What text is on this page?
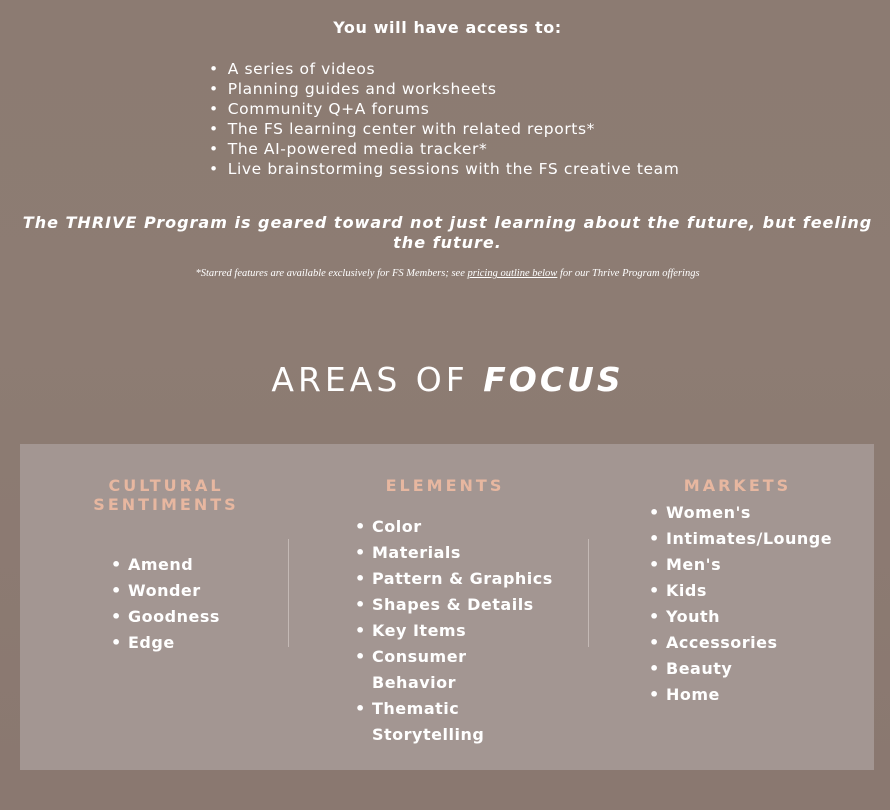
You will have access to:
• A series of videos
• Planning guides and worksheets
• Community Q+A forums
• The FS learning center with related reports*
• The AI-powered media tracker*
• Live brainstorming sessions with the FS creative team
The THRIVE Program is geared toward not just learning about the future, but feeling the future.
*Starred features are available exclusively for FS Members; see pricing outline below for our Thrive Program offerings
AREAS OF FOCUS
CULTURAL SENTIMENTS
• Amend
• Wonder
• Goodness
• Edge
ELEMENTS
• Color
• Materials
• Pattern & Graphics
• Shapes & Details
• Key Items
• Consumer Behavior
• Thematic Storytelling
MARKETS
• Women's
• Intimates/Lounge
• Men's
• Kids
• Youth
• Accessories
• Beauty
• Home
